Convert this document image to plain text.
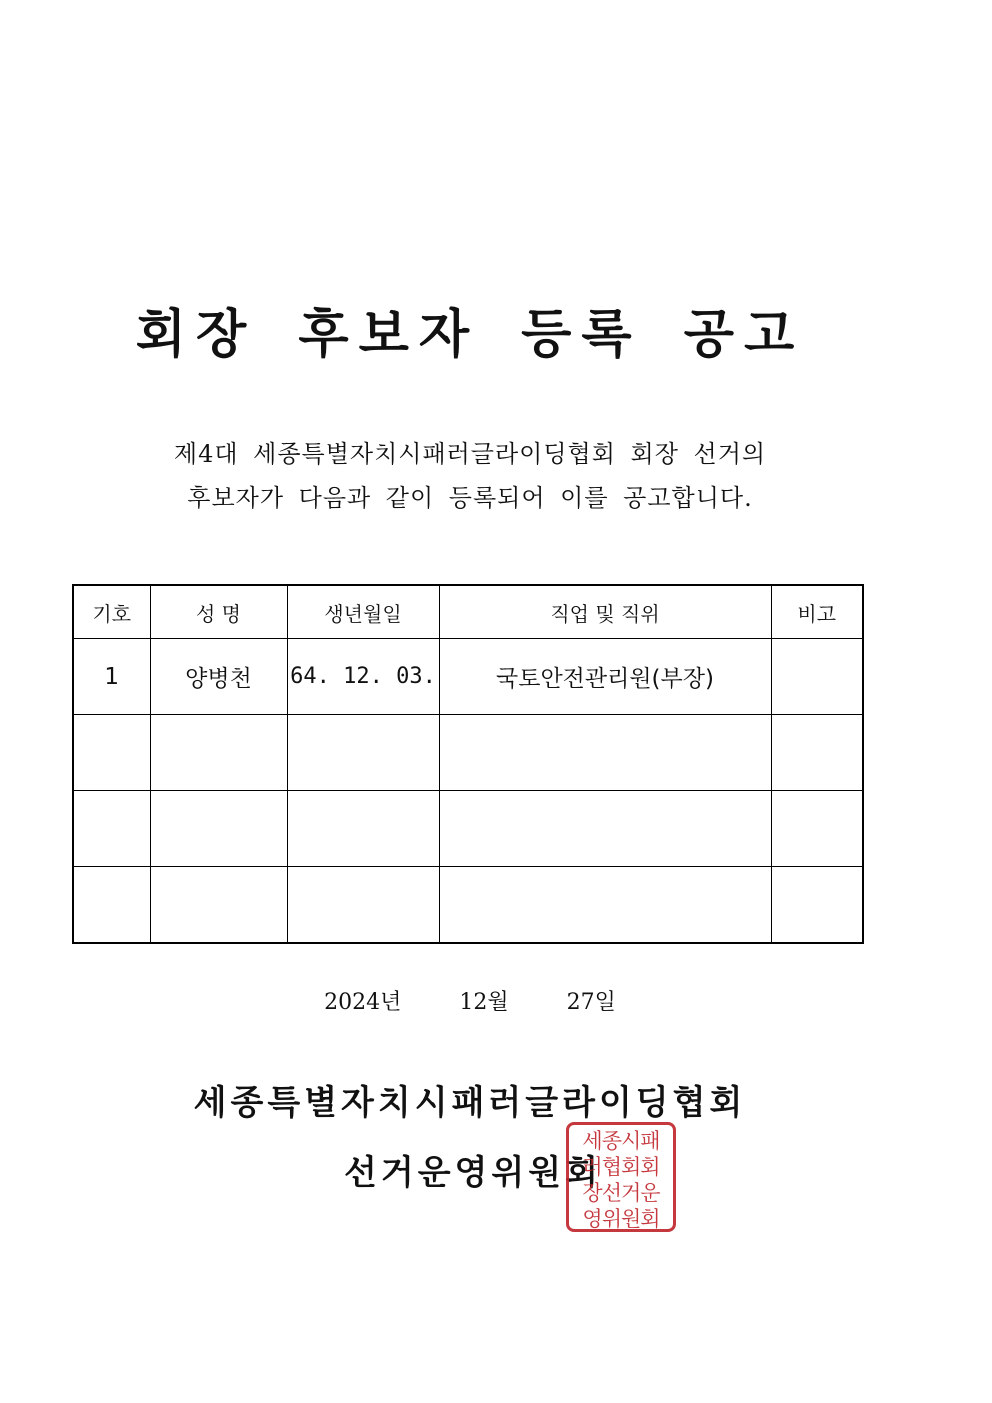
회장 후보자 등록 공고
제4대 세종특별자치시패러글라이딩협회 회장 선거의
후보자가 다음과 같이 등록되어 이를 공고합니다.
기호	성 명	생년월일	직업 및 직위	비고
1	양병천	64. 12. 03.	국토안전관리원(부장)	

2024년	12월	27일
세종특별자치시패러글라이딩협회
선거운영위원회
세종시패
러협회회
장선거운
영위원회
